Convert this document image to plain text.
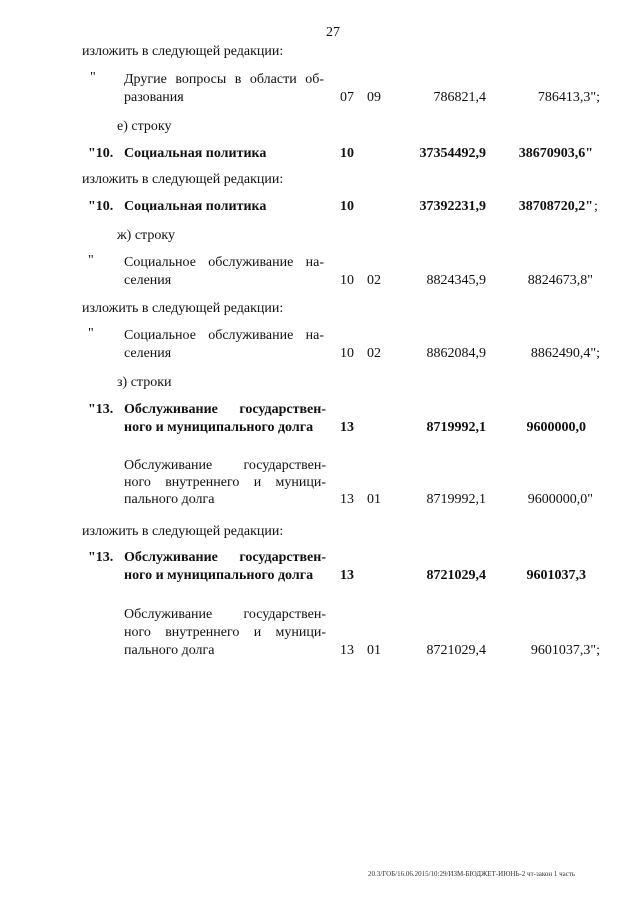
27
изложить в следующей редакции:
" Другие вопросы в области об-
разования	07 09	786821,4	786413,3";
е) строку
"10. Социальная политика	10	37354492,9	38670903,6"
изложить в следующей редакции:
"10. Социальная политика	10	37392231,9	38708720,2" ;
ж) строку
" Социальное обслуживание на-
селения	10 02	8824345,9	8824673,8"
изложить в следующей редакции:
" Социальное обслуживание на-
селения	10 02	8862084,9	8862490,4";
з) строки
"13. Обслуживание государствен-
ного и муниципального долга 13	8719992,1	9600000,0
Обслуживание государствен-
ного внутреннего и муници-
пального долга	13 01	8719992,1	9600000,0"
изложить в следующей редакции:
"13. Обслуживание государствен-
ного и муниципального долга 13	8721029,4	9601037,3
Обслуживание государствен-
ного внутреннего и муници-
пального долга	13 01	8721029,4	9601037,3";
20.3/ГОБ/16.06.2015/10:29/ИЗМ-БЮДЖЕТ-ИЮНЬ-2 чт-закон 1 часть
